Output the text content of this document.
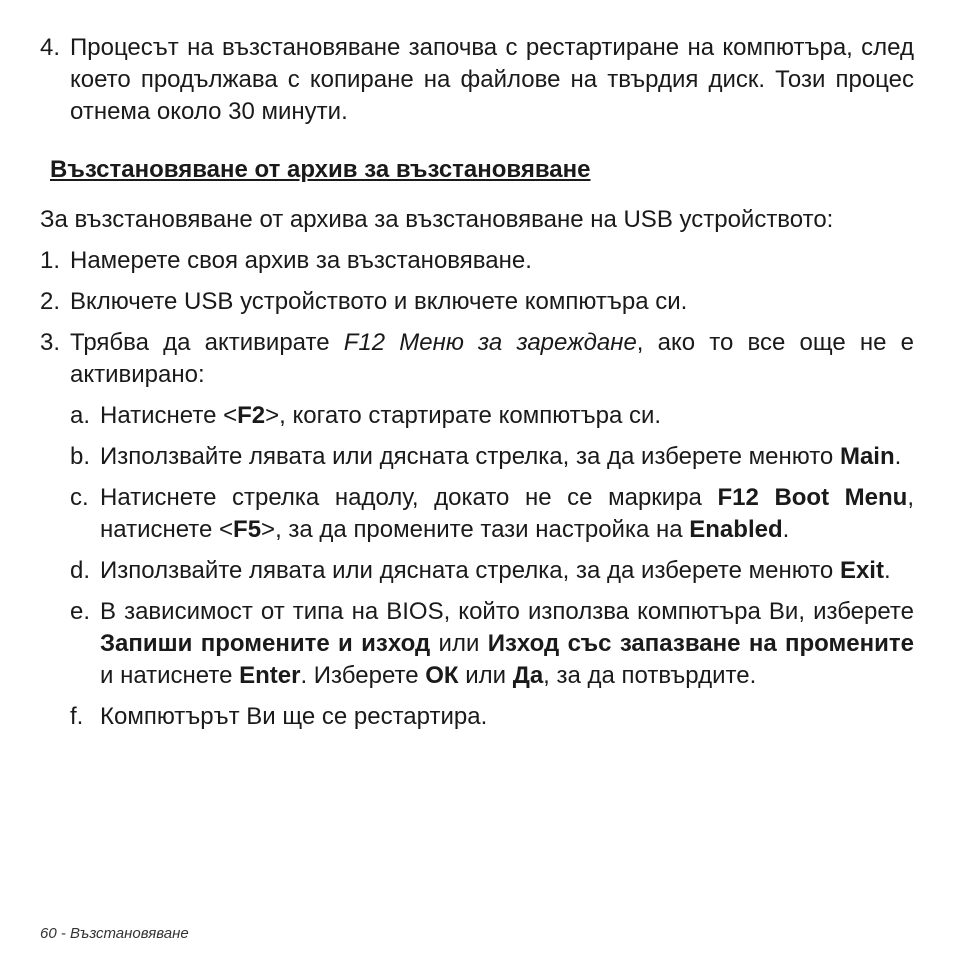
4. Процесът на възстановяване започва с рестартиране на компютъра, след което продължава с копиране на файлове на твърдия диск. Този процес отнема около 30 минути.
Възстановяване от архив за възстановяване
За възстановяване от архива за възстановяване на USB устройството:
1. Намерете своя архив за възстановяване.
2. Включете USB устройството и включете компютъра си.
3. Трябва да активирате F12 Меню за зареждане, ако то все още не е активирано:
a. Натиснете <F2>, когато стартирате компютъра си.
b. Използвайте лявата или дясната стрелка, за да изберете менюто Main.
c. Натиснете стрелка надолу, докато не се маркира F12 Boot Menu, натиснете <F5>, за да промените тази настройка на Enabled.
d. Използвайте лявата или дясната стрелка, за да изберете менюто Exit.
e. В зависимост от типа на BIOS, който използва компютъра Ви, изберете Запиши промените и изход или Изход със запазване на промените и натиснете Enter. Изберете ОК или Да, за да потвърдите.
f. Компютърът Ви ще се рестартира.
60 - Възстановяване
